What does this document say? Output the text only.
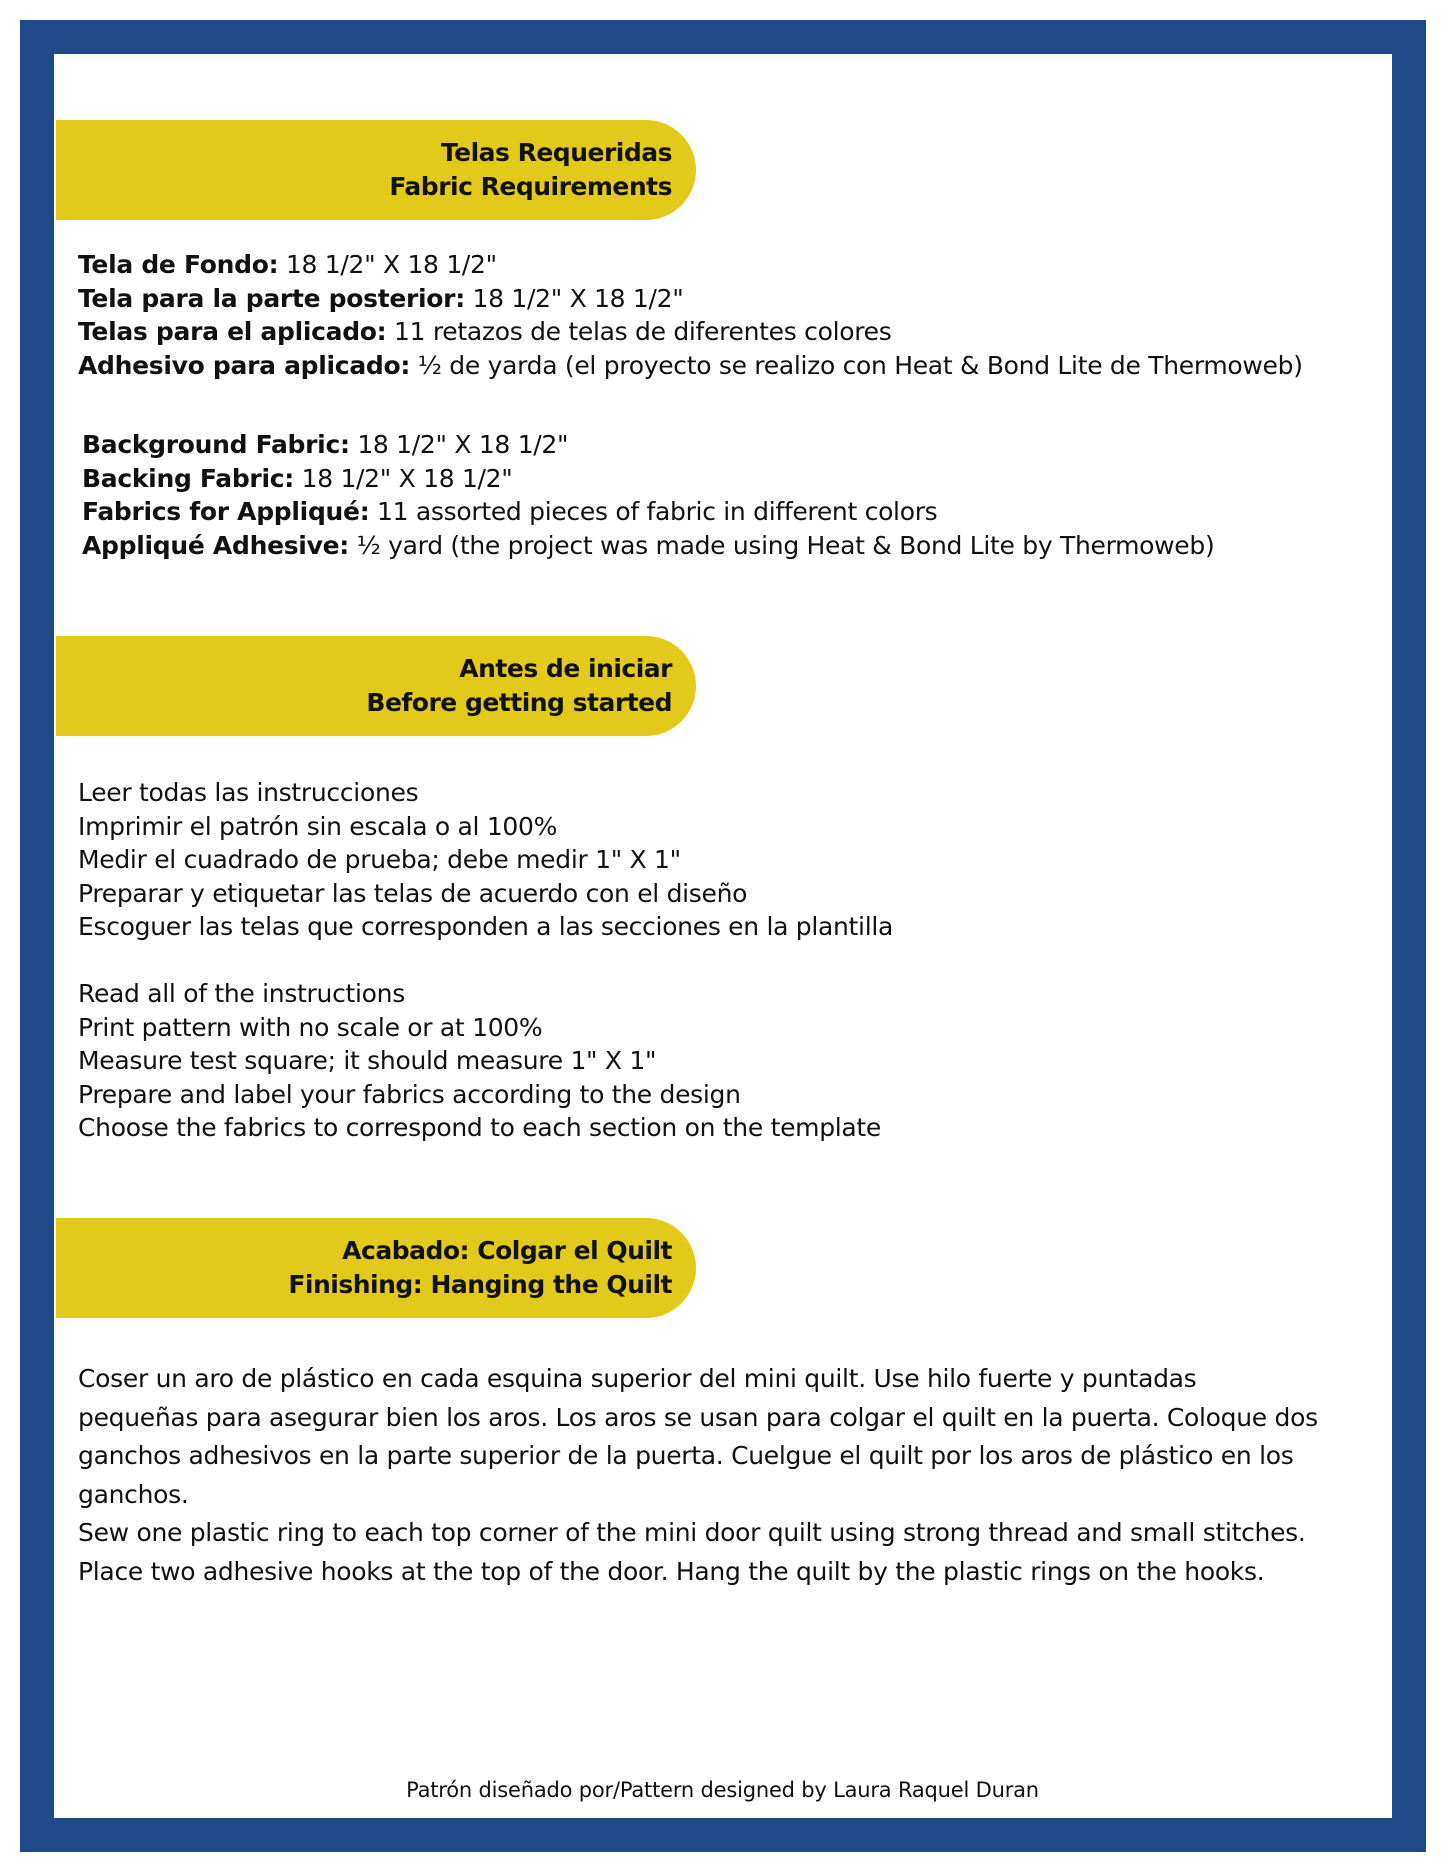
Telas Requeridas
Fabric Requirements
Tela de Fondo: 18 1/2" X 18 1/2"
Tela para la parte posterior: 18 1/2" X 18 1/2"
Telas para el aplicado: 11 retazos de telas de diferentes colores
Adhesivo para aplicado: ½ de yarda (el proyecto se realizo con Heat & Bond Lite de Thermoweb)
Background Fabric: 18 1/2" X 18 1/2"
Backing Fabric: 18 1/2" X 18 1/2"
Fabrics for Appliqué: 11 assorted pieces of fabric in different colors
Appliqué Adhesive: ½ yard (the project was made using Heat & Bond Lite by Thermoweb)
Antes de iniciar
Before getting started
Leer todas las instrucciones
Imprimir el patrón sin escala o al 100%
Medir el cuadrado de prueba; debe medir 1" X 1"
Preparar y etiquetar las telas de acuerdo con el diseño
Escoguer las telas que corresponden a las secciones en la plantilla
Read all of the instructions
Print pattern with no scale or at 100%
Measure test square; it should measure 1" X 1"
Prepare and label your fabrics according to the design
Choose the fabrics to correspond to each section on the template
Acabado: Colgar el Quilt
Finishing: Hanging the Quilt
Coser un aro de plástico en cada esquina superior del mini quilt. Use hilo fuerte y puntadas pequeñas para asegurar bien los aros. Los aros se usan para colgar el quilt en la puerta. Coloque dos ganchos adhesivos en la parte superior de la puerta. Cuelgue el quilt por los aros de plástico en los ganchos.
Sew one plastic ring to each top corner of the mini door quilt using strong thread and small stitches. Place two adhesive hooks at the top of the door. Hang the quilt by the plastic rings on the hooks.
Patrón diseñado por/Pattern designed by Laura Raquel Duran
